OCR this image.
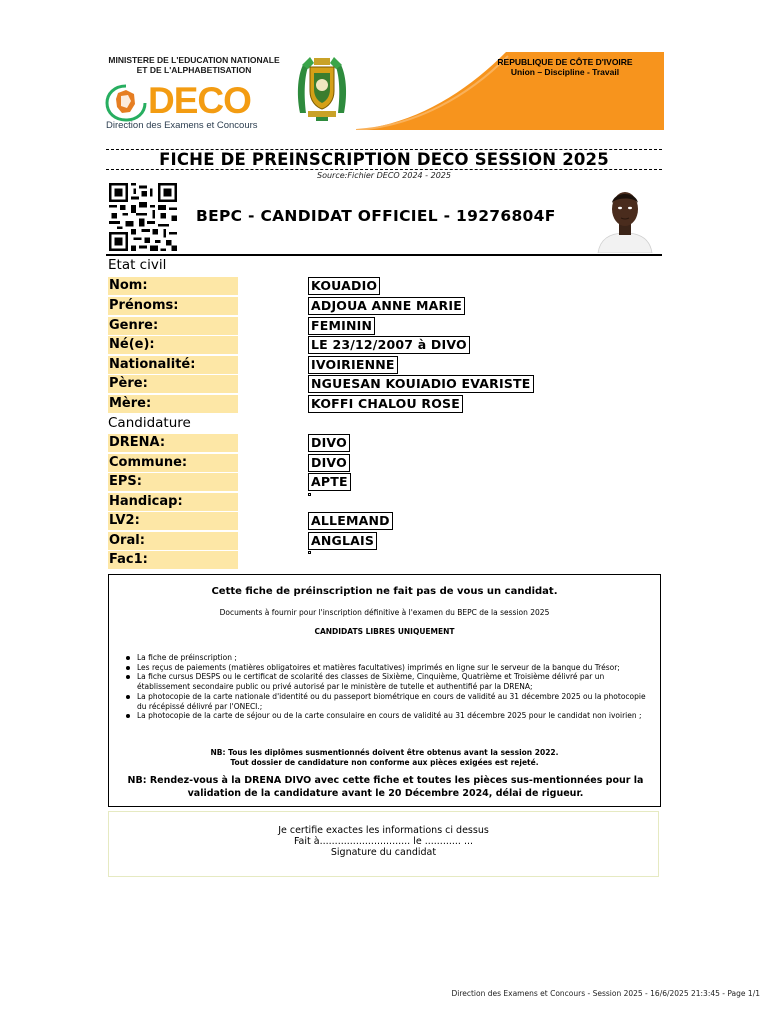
MINISTERE DE L'EDUCATION NATIONALE
ET DE L'ALPHABETISATION
DECO
Direction des Examens et Concours
REPUBLIQUE DE CÔTE D'IVOIRE
Union – Discipline - Travail
FICHE DE PREINSCRIPTION DECO SESSION 2025
Source:Fichier DECO 2024 - 2025
BEPC - CANDIDAT OFFICIEL - 19276804F
Etat civil
Nom:	KOUADIO
Prénoms:	ADJOUA ANNE MARIE
Genre:	FEMININ
Né(e):	LE 23/12/2007 à DIVO
Nationalité:	IVOIRIENNE
Père:	NGUESAN KOUIADIO EVARISTE
Mère:	KOFFI CHALOU ROSE
Candidature
DRENA:	DIVO
Commune:	DIVO
EPS:	APTE
Handicap:
LV2:	ALLEMAND
Oral:	ANGLAIS
Fac1:
Cette fiche de préinscription ne fait pas de vous un candidat.
Documents à fournir pour l'inscription définitive à l'examen du BEPC de la session 2025
CANDIDATS LIBRES UNIQUEMENT
La fiche de préinscription ;
Les reçus de paiements (matières obligatoires et matières facultatives) imprimés en ligne sur le serveur de la banque du Trésor;
La fiche cursus DESPS ou le certificat de scolarité des classes de Sixième, Cinquième, Quatrième et Troisième délivré par un établissement secondaire public ou privé autorisé par le ministère de tutelle et authentifié par la DRENA;
La photocopie de la carte nationale d'identité ou du passeport biométrique en cours de validité au 31 décembre 2025 ou la photocopie du récépissé délivré par l'ONECI.;
La photocopie de la carte de séjour ou de la carte consulaire en cours de validité au 31 décembre 2025 pour le candidat non ivoirien ;
NB: Tous les diplômes susmentionnés doivent être obtenus avant la session 2022.
Tout dossier de candidature non conforme aux pièces exigées est rejeté.
NB: Rendez-vous à la DRENA DIVO avec cette fiche et toutes les pièces sus-mentionnées pour la validation de la candidature avant le 20 Décembre 2024, délai de rigueur.
Je certifie exactes les informations ci dessus
Fait à.............................. le ............ ...
Signature du candidat
Direction des Examens et Concours - Session 2025 - 16/6/2025 21:3:45 - Page 1/1
